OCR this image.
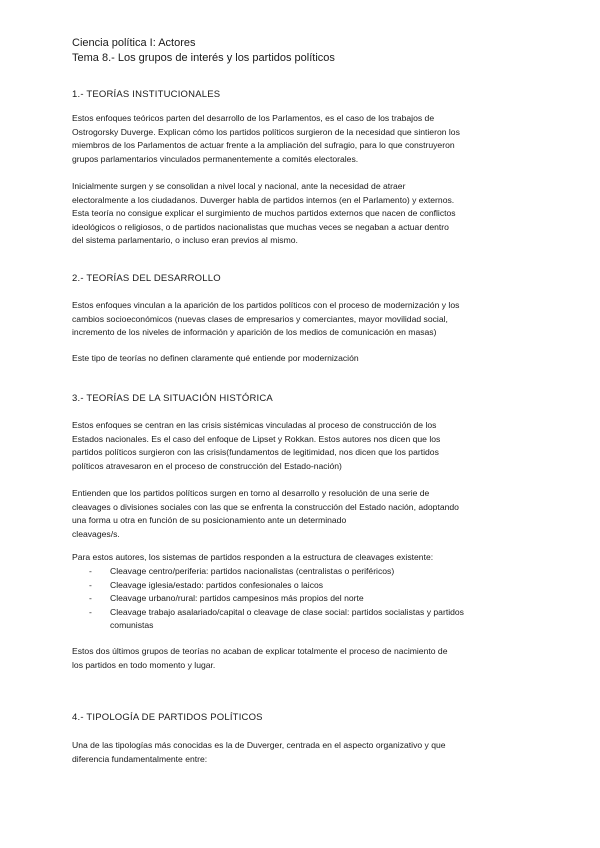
Ciencia política I: Actores
Tema 8.- Los grupos de interés y los partidos políticos
1.- TEORÍAS INSTITUCIONALES
Estos enfoques teóricos parten del desarrollo de los Parlamentos, es el caso de los trabajos de
Ostrogorsky Duverge. Explican cómo los partidos políticos surgieron de la necesidad que sintieron los
miembros de los Parlamentos de actuar frente a la ampliación del sufragio, para lo que construyeron
grupos parlamentarios vinculados permanentemente a comités electorales.
Inicialmente surgen y se consolidan a nivel local y nacional, ante la necesidad de atraer
electoralmente a los ciudadanos. Duverger habla de partidos internos (en el Parlamento) y externos.
Esta teoría no consigue explicar el surgimiento de muchos partidos externos que nacen de conflictos
ideológicos o religiosos, o de partidos nacionalistas que muchas veces se negaban a actuar dentro
del sistema parlamentario, o incluso eran previos al mismo.
2.- TEORÍAS DEL DESARROLLO
Estos enfoques vinculan a la aparición de los partidos políticos con el proceso de modernización y los
cambios socioeconómicos (nuevas clases de empresarios y comerciantes, mayor movilidad social,
incremento de los niveles de información y aparición de los medios de comunicación en masas)
Este tipo de teorías no definen claramente qué entiende por modernización
3.- TEORÍAS DE LA SITUACIÓN HISTÓRICA
Estos enfoques se centran en las crisis sistémicas vinculadas al proceso de construcción de los
Estados nacionales. Es el caso del enfoque de Lipset y Rokkan. Estos autores nos dicen que los
partidos políticos surgieron con las crisis(fundamentos de legitimidad, nos dicen que los partidos
políticos atravesaron en el proceso de construcción del Estado-nación)
Entienden que los partidos políticos surgen en torno al desarrollo y resolución de una serie de
cleavages o divisiones sociales con las que se enfrenta la construcción del Estado nación, adoptando
una forma u otra en función de su posicionamiento ante un determinado
cleavages/s.
Para estos autores, los sistemas de partidos responden a la estructura de cleavages existente:
-	Cleavage centro/periferia: partidos nacionalistas (centralistas o periféricos)
-	Cleavage iglesia/estado: partidos confesionales o laicos
-	Cleavage urbano/rural: partidos campesinos más propios del norte
-	Cleavage trabajo asalariado/capital o cleavage de clase social: partidos socialistas y partidos
comunistas
Estos dos últimos grupos de teorías no acaban de explicar totalmente el proceso de nacimiento de
los partidos en todo momento y lugar.
4.- TIPOLOGÍA DE PARTIDOS POLÍTICOS
Una de las tipologías más conocidas es la de Duverger, centrada en el aspecto organizativo y que
diferencia fundamentalmente entre:
